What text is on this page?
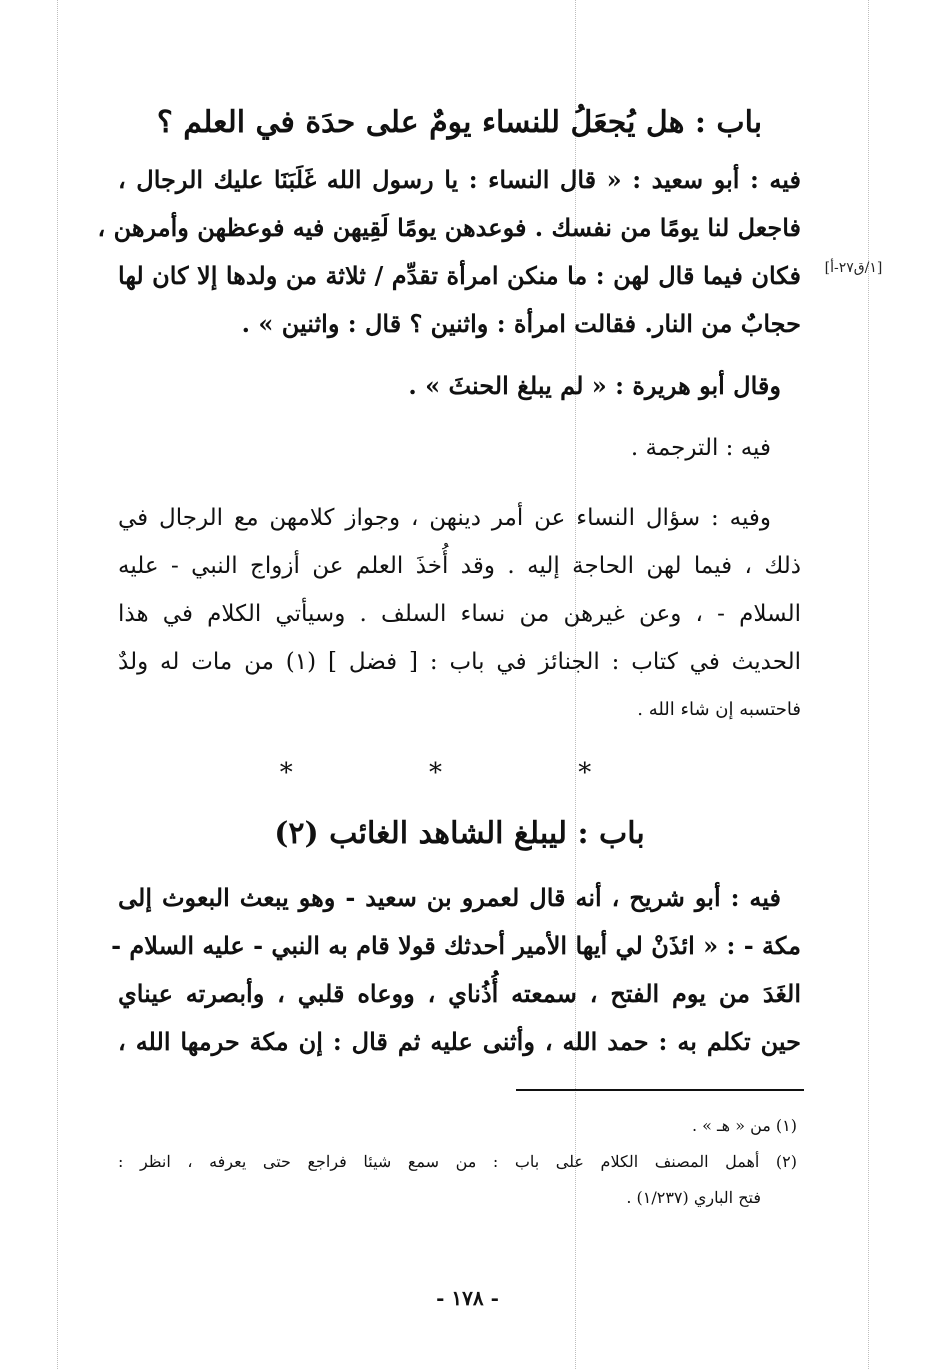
باب : هل يُجعَلُ للنساء يومٌ على حدَة في العلم ؟
فيه : أبو سعيد : « قال النساء : يا رسول الله غَلَبَنَا عليك الرجال ،
فاجعل لنا يومًا من نفسك . فوعدهن يومًا لَقِيهن فيه فوعظهن وأمرهن ،
فكان فيما قال لهن : ما منكن امرأة تقدِّم / ثلاثة من ولدها إلا كان لها
حجابٌ من النار. فقالت امرأة : واثنين ؟ قال : واثنين » .
[١/ق٢٧-أ]
وقال أبو هريرة : « لم يبلغ الحنثَ » .
فيه : الترجمة .
وفيه : سؤال النساء عن أمر دينهن ، وجواز كلامهن مع الرجال في
ذلك ، فيما لهن الحاجة إليه . وقد أُخذَ العلم عن أزواج النبي - عليه
السلام - ، وعن غيرهن من نساء السلف . وسيأتي الكلام في هذا
الحديث في كتاب : الجنائز في باب : [ فضل ] (١) من مات له ولدٌ
فاحتسبه إن شاء الله .
* * *
باب : ليبلغ الشاهد الغائب (٢)
فيه : أبو شريح ، أنه قال لعمرو بن سعيد - وهو يبعث البعوث إلى
مكة - : « ائذَنْ لي أيها الأمير أحدثك قولا قام به النبي - عليه السلام -
الغَدَ من يوم الفتح ، سمعته أُذُناي ، ووعاه قلبي ، وأبصرته عيناي
حين تكلم به : حمد الله ، وأثنى عليه ثم قال : إن مكة حرمها الله ،
(١) من « هـ » .
(٢) أهمل المصنف الكلام على باب : من سمع شيئا فراجع حتى يعرفه ، انظر :
فتح الباري (١/٢٣٧) .
- ١٧٨ -
